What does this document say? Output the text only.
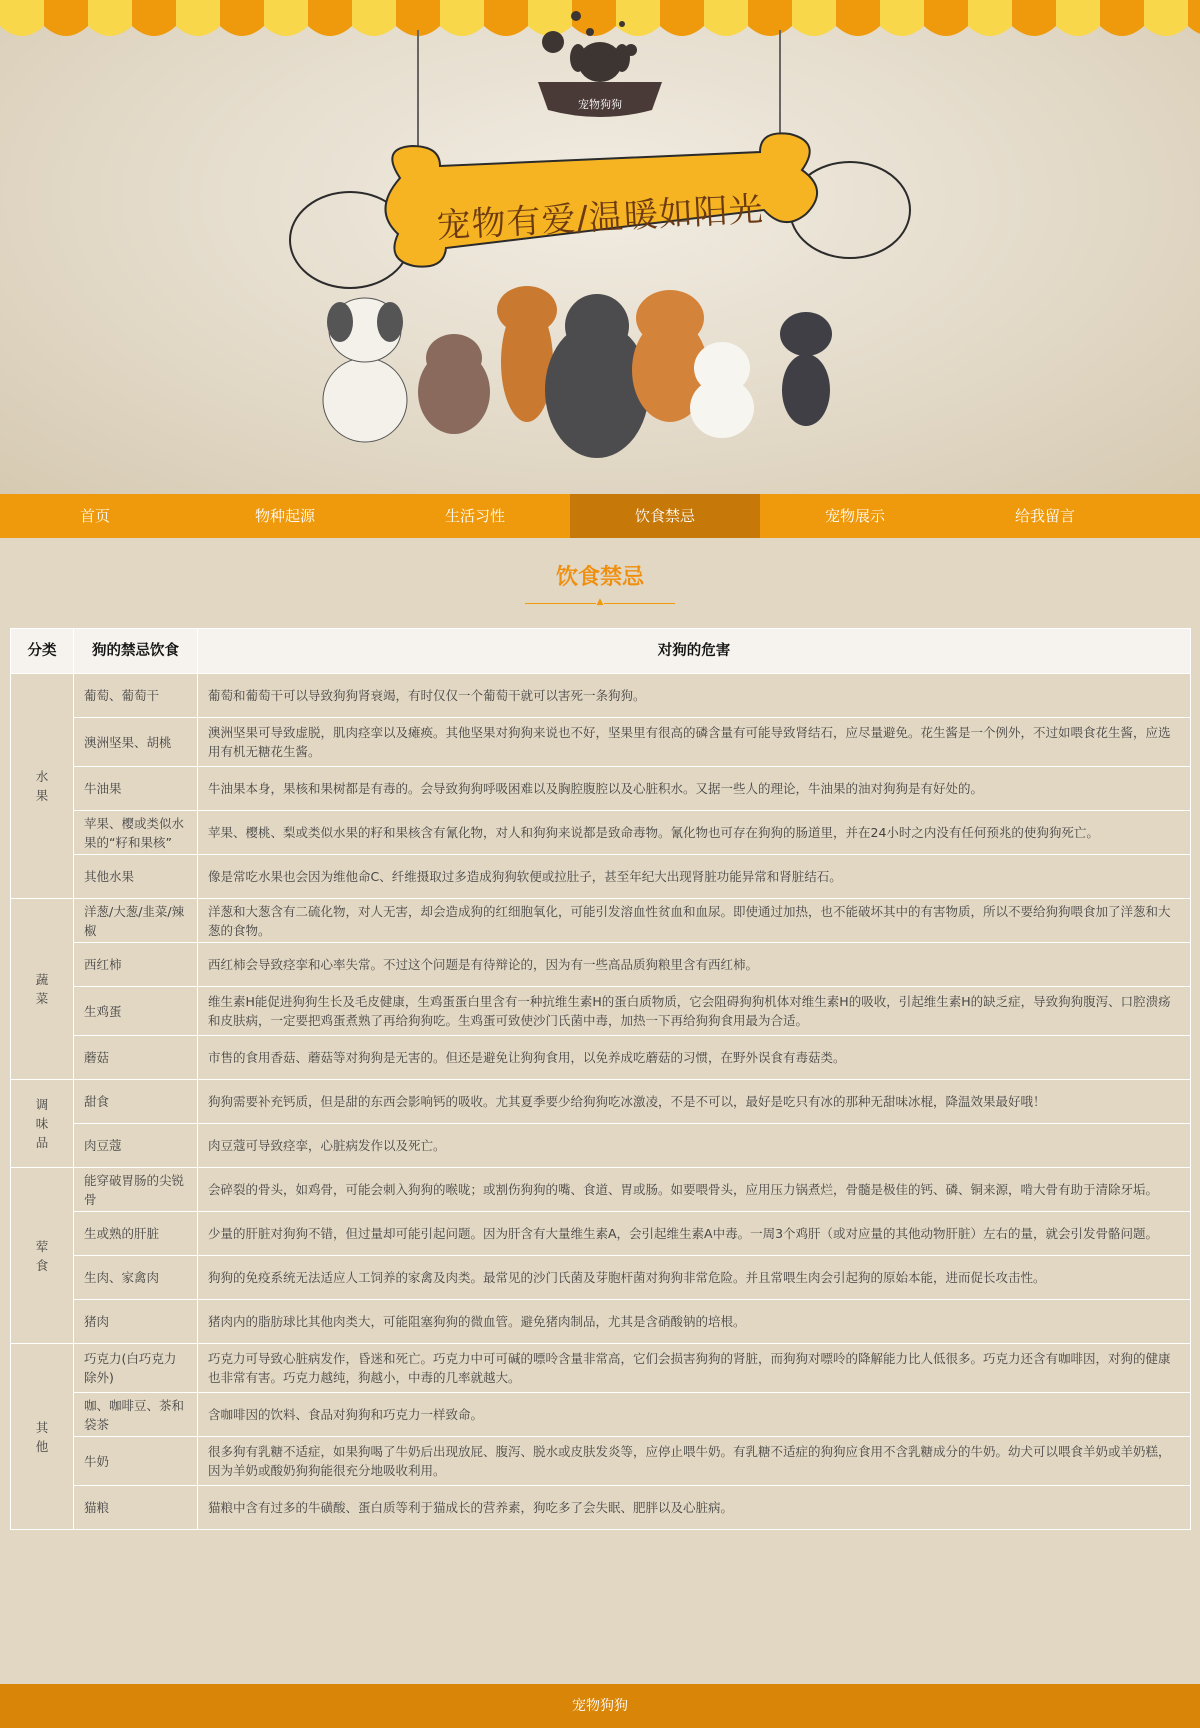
宠物狗狗
宠物有爱/温暖如阳光
首页	物种起源	生活习性	饮食禁忌	宠物展示	给我留言
饮食禁忌
▲
分类	狗的禁忌饮食	对狗的危害

水
果	葡萄、葡萄干	葡萄和葡萄干可以导致狗狗肾衰竭，有时仅仅一个葡萄干就可以害死一条狗狗。
	澳洲坚果、胡桃	澳洲坚果可导致虚脱，肌肉痉挛以及瘫痪。其他坚果对狗狗来说也不好，坚果里有很高的磷含量有可能导致肾结石，应尽量避免。花生酱是一个例外，不过如喂食花生酱，应选用有机无糖花生酱。
	牛油果	牛油果本身，果核和果树都是有毒的。会导致狗狗呼吸困难以及胸腔腹腔以及心脏积水。又据一些人的理论，牛油果的油对狗狗是有好处的。
	苹果、樱或类似水果的“籽和果核”	苹果、樱桃、梨或类似水果的籽和果核含有氰化物，对人和狗狗来说都是致命毒物。氰化物也可存在狗狗的肠道里，并在24小时之内没有任何预兆的使狗狗死亡。
	其他水果	像是常吃水果也会因为维他命C、纤维摄取过多造成狗狗软便或拉肚子，甚至年纪大出现肾脏功能异常和肾脏结石。

蔬
菜	洋葱/大葱/韭菜/辣椒	洋葱和大葱含有二硫化物，对人无害，却会造成狗的红细胞氧化，可能引发溶血性贫血和血尿。即使通过加热，也不能破坏其中的有害物质，所以不要给狗狗喂食加了洋葱和大葱的食物。
	西红柿	西红柿会导致痉挛和心率失常。不过这个问题是有待辩论的，因为有一些高品质狗粮里含有西红柿。
	生鸡蛋	维生素H能促进狗狗生长及毛皮健康，生鸡蛋蛋白里含有一种抗维生素H的蛋白质物质，它会阻碍狗狗机体对维生素H的吸收，引起维生素H的缺乏症，导致狗狗腹泻、口腔溃疡和皮肤病，一定要把鸡蛋煮熟了再给狗狗吃。生鸡蛋可致使沙门氏菌中毒，加热一下再给狗狗食用最为合适。
	蘑菇	市售的食用香菇、蘑菇等对狗狗是无害的。但还是避免让狗狗食用，以免养成吃蘑菇的习惯，在野外误食有毒菇类。

调
味
品	甜食	狗狗需要补充钙质，但是甜的东西会影响钙的吸收。尤其夏季要少给狗狗吃冰激凌，不是不可以，最好是吃只有冰的那种无甜味冰棍，降温效果最好哦！
	肉豆蔻	肉豆蔻可导致痉挛，心脏病发作以及死亡。

荤
食	能穿破胃肠的尖锐骨	会碎裂的骨头，如鸡骨，可能会刺入狗狗的喉咙；或割伤狗狗的嘴、食道、胃或肠。如要喂骨头，应用压力锅煮烂，骨髓是极佳的钙、磷、铜来源，啃大骨有助于清除牙垢。
	生或熟的肝脏	少量的肝脏对狗狗不错，但过量却可能引起问题。因为肝含有大量维生素A，会引起维生素A中毒。一周3个鸡肝（或对应量的其他动物肝脏）左右的量，就会引发骨骼问题。
	生肉、家禽肉	狗狗的免疫系统无法适应人工饲养的家禽及肉类。最常见的沙门氏菌及芽胞杆菌对狗狗非常危险。并且常喂生肉会引起狗的原始本能，进而促长攻击性。
	猪肉	猪肉内的脂肪球比其他肉类大，可能阻塞狗狗的微血管。避免猪肉制品，尤其是含硝酸钠的培根。

其
他	巧克力(白巧克力除外)	巧克力可导致心脏病发作，昏迷和死亡。巧克力中可可碱的嘌呤含量非常高，它们会损害狗狗的肾脏，而狗狗对嘌呤的降解能力比人低很多。巧克力还含有咖啡因，对狗的健康也非常有害。巧克力越纯，狗越小，中毒的几率就越大。
	咖、咖啡豆、茶和袋茶	含咖啡因的饮料、食品对狗狗和巧克力一样致命。
	牛奶	很多狗有乳糖不适症，如果狗喝了牛奶后出现放屁、腹泻、脱水或皮肤发炎等，应停止喂牛奶。有乳糖不适症的狗狗应食用不含乳糖成分的牛奶。幼犬可以喂食羊奶或羊奶糕，因为羊奶或酸奶狗狗能很充分地吸收利用。
	猫粮	猫粮中含有过多的牛磺酸、蛋白质等利于猫成长的营养素，狗吃多了会失眠、肥胖以及心脏病。
宠物狗狗
